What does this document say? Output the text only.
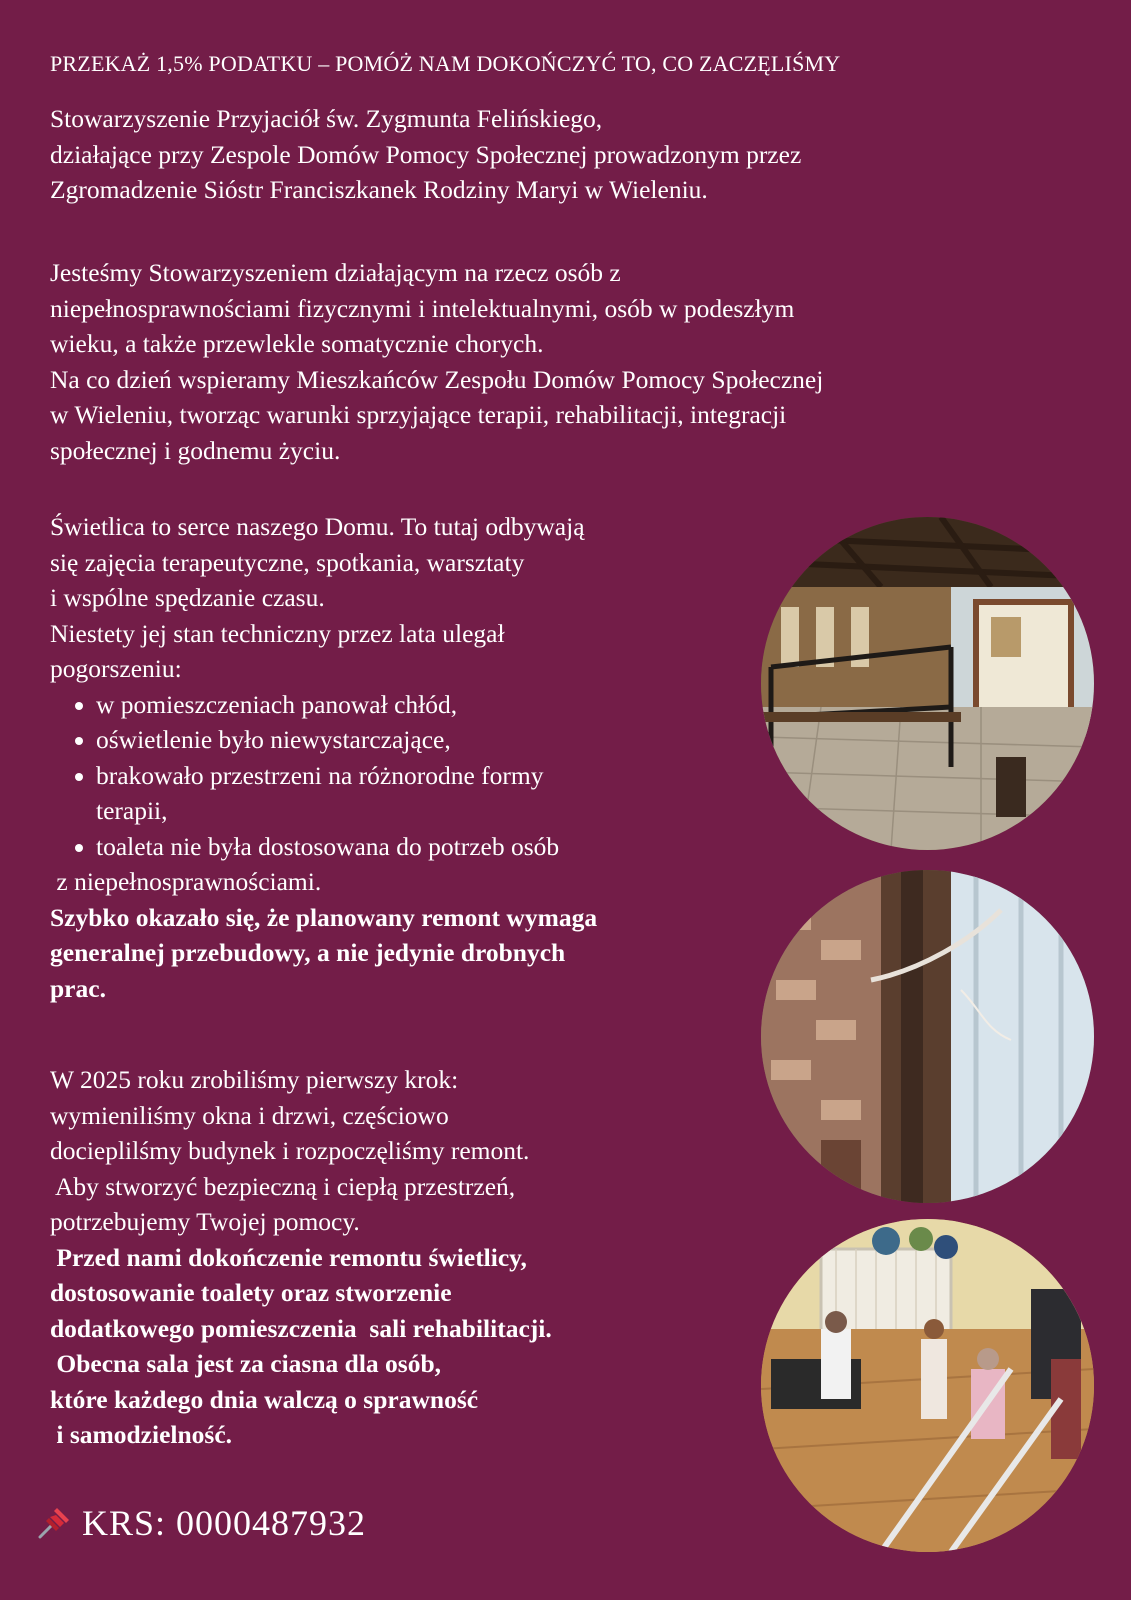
PRZEKAŻ 1,5% PODATKU – POMÓŻ NAM DOKOŃCZYĆ TO, CO ZACZĘLIŚMY

Stowarzyszenie Przyjaciół św. Zygmunta Felińskiego,

działające przy Zespole Domów Pomocy Społecznej prowadzonym przez

Zgromadzenie Sióstr Franciszkanek Rodziny Maryi w Wieleniu.

Jesteśmy Stowarzyszeniem działającym na rzecz osób z

niepełnosprawnościami fizycznymi i intelektualnymi, osób w podeszłym

wieku, a także przewlekle somatycznie chorych.

Na co dzień wspieramy Mieszkańców Zespołu Domów Pomocy Społecznej

w Wieleniu, tworząc warunki sprzyjające terapii, rehabilitacji, integracji

społecznej i godnemu życiu.

Świetlica to serce naszego Domu. To tutaj odbywają

się zajęcia terapeutyczne, spotkania, warsztaty

i wspólne spędzanie czasu.

Niestety jej stan techniczny przez lata ulegał

pogorszeniu:

w pomieszczeniach panował chłód,
oświetlenie było niewystarczające,
brakowało przestrzeni na różnorodne formy

terapii,

toaleta nie była dostosowana do potrzeb osób

z niepełnosprawnościami.

Szybko okazało się, że planowany remont wymaga

generalnej przebudowy, a nie jedynie drobnych

prac.

W 2025 roku zrobiliśmy pierwszy krok:

wymieniliśmy okna i drzwi, częściowo

docieplilśmy budynek i rozpoczęliśmy remont.

Aby stworzyć bezpieczną i ciepłą przestrzeń,

potrzebujemy Twojej pomocy.

Przed nami dokończenie remontu świetlicy,

dostosowanie toalety oraz stworzenie

dodatkowego pomieszczenia  sali rehabilitacji.

Obecna sala jest za ciasna dla osób,

które każdego dnia walczą o sprawność

i samodzielność.

KRS: 0000487932
